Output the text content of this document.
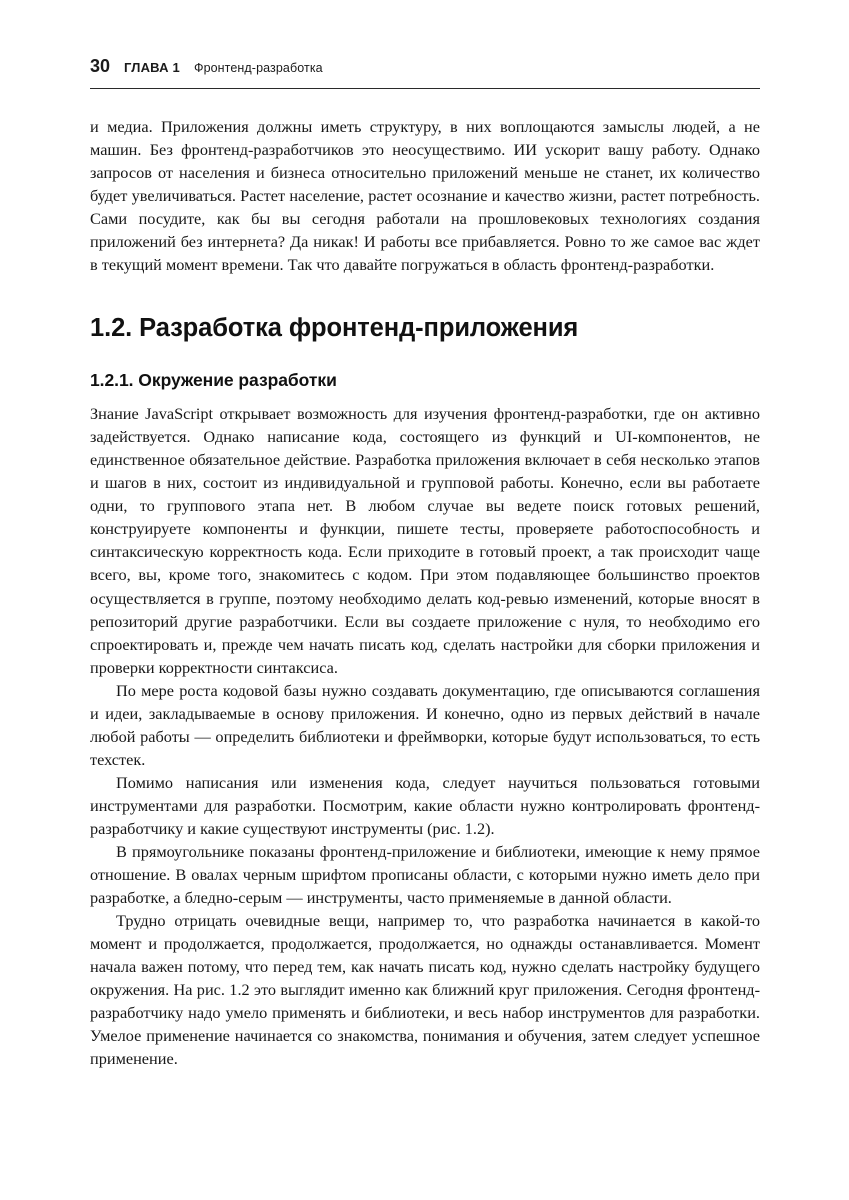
30 ГЛАВА 1 Фронтенд-разработка

и медиа. Приложения должны иметь структуру, в них воплощаются замыслы людей, а не машин. Без фронтенд-разработчиков это неосуществимо. ИИ ускорит вашу работу. Однако запросов от населения и бизнеса относительно приложений меньше не станет, их количество будет увеличиваться. Растет население, растет осознание и качество жизни, растет потребность. Сами посудите, как бы вы сегодня работали на прошловековых технологиях создания приложений без интернета? Да никак! И работы все прибавляется. Ровно то же самое вас ждет в текущий момент времени. Так что давайте погружаться в область фронтенд-разработки.

1.2. Разработка фронтенд-приложения
1.2.1. Окружение разработки

Знание JavaScript открывает возможность для изучения фронтенд-разработки, где он активно задействуется. Однако написание кода, состоящего из функций и UI-компонентов, не единственное обязательное действие. Разработка приложения включает в себя несколько этапов и шагов в них, состоит из индивидуальной и групповой работы. Конечно, если вы работаете одни, то группового этапа нет. В любом случае вы ведете поиск готовых решений, конструируете компоненты и функции, пишете тесты, проверяете работоспособность и синтаксическую корректность кода. Если приходите в готовый проект, а так происходит чаще всего, вы, кроме того, знакомитесь с кодом. При этом подавляющее большинство проектов осуществляется в группе, поэтому необходимо делать код-ревью изменений, которые вносят в репозиторий другие разработчики. Если вы создаете приложение с нуля, то необходимо его спроектировать и, прежде чем начать писать код, сделать настройки для сборки приложения и проверки корректности синтаксиса.

По мере роста кодовой базы нужно создавать документацию, где описываются соглашения и идеи, закладываемые в основу приложения. И конечно, одно из первых действий в начале любой работы — определить библиотеки и фреймворки, которые будут использоваться, то есть техстек.

Помимо написания или изменения кода, следует научиться пользоваться готовыми инструментами для разработки. Посмотрим, какие области нужно контролировать фронтенд-разработчику и какие существуют инструменты (рис. 1.2).

В прямоугольнике показаны фронтенд-приложение и библиотеки, имеющие к нему прямое отношение. В овалах черным шрифтом прописаны области, с которыми нужно иметь дело при разработке, а бледно-серым — инструменты, часто применяемые в данной области.

Трудно отрицать очевидные вещи, например то, что разработка начинается в какой-то момент и продолжается, продолжается, продолжается, но однажды останавливается. Момент начала важен потому, что перед тем, как начать писать код, нужно сделать настройку будущего окружения. На рис. 1.2 это выглядит именно как ближний круг приложения. Сегодня фронтенд-разработчику надо умело применять и библиотеки, и весь набор инструментов для разработки. Умелое применение начинается со знакомства, понимания и обучения, затем следует успешное применение.
